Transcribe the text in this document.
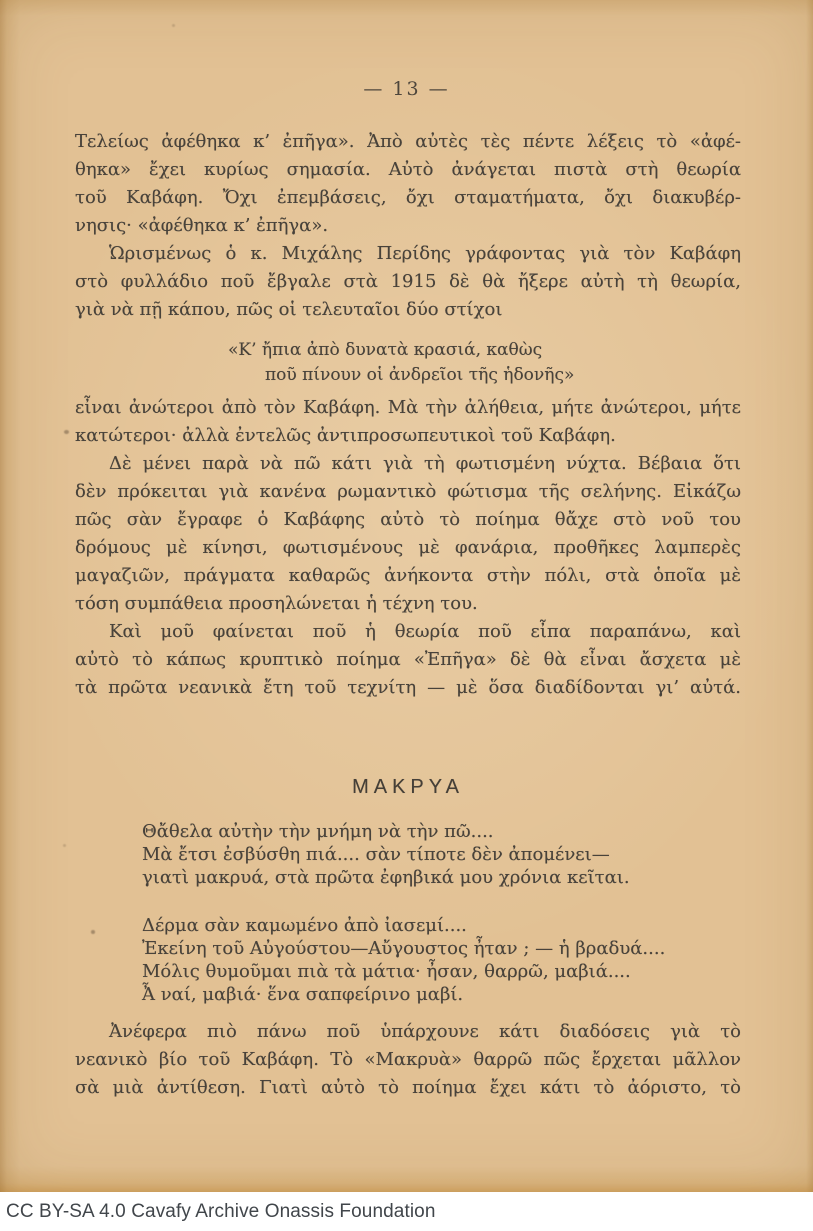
— 13 —
Τελείως ἀφέθηκα κ’ ἐπῆγα». Ἀπὸ αὐτὲς τὲς πέντε λέξεις τὸ «ἀφέ-
θηκα» ἔχει κυρίως σημασία. Αὐτὸ ἀνάγεται πιστὰ στὴ θεωρία
τοῦ Καβάφη. Ὄχι ἐπεμβάσεις, ὄχι σταματήματα, ὄχι διακυβέρ-
νησις· «ἀφέθηκα κ’ ἐπῆγα».
Ὡρισμένως ὁ κ. Μιχάλης Περίδης γράφοντας γιὰ τὸν Καβάφη
στὸ φυλλάδιο ποῦ ἔβγαλε στὰ 1915 δὲ θὰ ἤξερε αὐτὴ τὴ θεωρία,
γιὰ νὰ πῇ κάπου, πῶς οἱ τελευταῖοι δύο στίχοι
«Κ’ ἤπια ἀπὸ δυνατὰ κρασιά, καθὼς
ποῦ πίνουν οἱ ἀνδρεῖοι τῆς ἡδονῆς»
εἶναι ἀνώτεροι ἀπὸ τὸν Καβάφη. Μὰ τὴν ἀλήθεια, μήτε ἀνώτεροι, μήτε
κατώτεροι· ἀλλὰ ἐντελῶς ἀντιπροσωπευτικοὶ τοῦ Καβάφη.
Δὲ μένει παρὰ νὰ πῶ κάτι γιὰ τὴ φωτισμένη νύχτα. Βέβαια ὅτι
δὲν πρόκειται γιὰ κανένα ρωμαντικὸ φώτισμα τῆς σελήνης. Εἰκάζω
πῶς σὰν ἔγραφε ὁ Καβάφης αὐτὸ τὸ ποίημα θἄχε στὸ νοῦ του
δρόμους μὲ κίνησι, φωτισμένους μὲ φανάρια, προθῆκες λαμπερὲς
μαγαζιῶν, πράγματα καθαρῶς ἀνήκοντα στὴν πόλι, στὰ ὁποῖα μὲ
τόση συμπάθεια προσηλώνεται ἡ τέχνη του.
Καὶ μοῦ φαίνεται ποῦ ἡ θεωρία ποῦ εἶπα παραπάνω, καὶ
αὐτὸ τὸ κάπως κρυπτικὸ ποίημα «Ἐπῆγα» δὲ θὰ εἶναι ἄσχετα μὲ
τὰ πρῶτα νεανικὰ ἔτη τοῦ τεχνίτη — μὲ ὅσα διαδίδονται γι’ αὐτά.
ΜΑΚΡΥΑ
Θἄθελα αὐτὴν τὴν μνήμη νὰ τὴν πῶ....
Μὰ ἔτσι ἐσβύσθη πιά.... σὰν τίποτε δὲν ἀπομένει—
γιατὶ μακρυά, στὰ πρῶτα ἐφηβικά μου χρόνια κεῖται.
Δέρμα σὰν καμωμένο ἀπὸ ἰασεμί....
Ἐκείνη τοῦ Αὐγούστου—Αὔγουστος ἦταν ; — ἡ βραδυά....
Μόλις θυμοῦμαι πιὰ τὰ μάτια· ἦσαν, θαρρῶ, μαβιά....
Ἆ ναί, μαβιά· ἕνα σαπφείρινο μαβί.
Ἀνέφερα πιὸ πάνω ποῦ ὑπάρχουνε κάτι διαδόσεις γιὰ τὸ
νεανικὸ βίο τοῦ Καβάφη. Τὸ «Μακρυὰ» θαρρῶ πῶς ἔρχεται μᾶλλον
σὰ μιὰ ἀντίθεση. Γιατὶ αὐτὸ τὸ ποίημα ἔχει κάτι τὸ ἀόριστο, τὸ
CC BY-SA 4.0 Cavafy Archive Onassis Foundation
